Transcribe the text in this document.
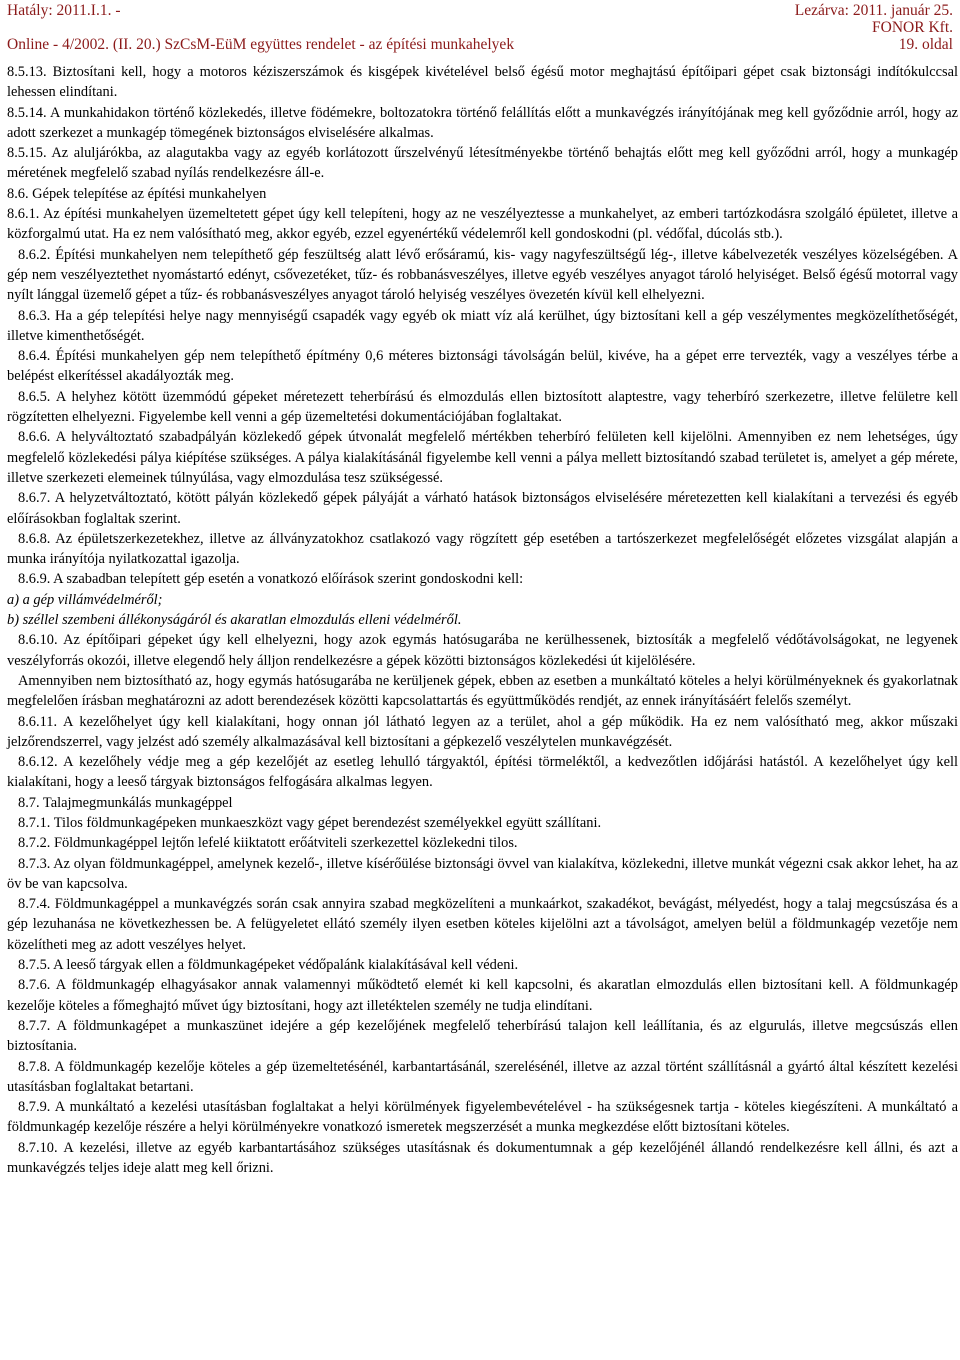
Hatály: 2011.I.1. -	Lezárva: 2011. január 25.
FONOR Kft.
Online - 4/2002. (II. 20.) SzCsM-EüM együttes rendelet - az építési munkahelyek	19. oldal

8.5.13. Biztosítani kell, hogy a motoros kéziszerszámok és kisgépek kivételével belső égésű motor meghajtású építőipari gépet csak biztonsági indítókulccsal lehessen elindítani.

8.5.14. A munkahidakon történő közlekedés, illetve födémekre, boltozatokra történő felállítás előtt a munkavégzés irányítójának meg kell győződnie arról, hogy az adott szerkezet a munkagép tömegének biztonságos elviselésére alkalmas.

8.5.15. Az aluljárókba, az alagutakba vagy az egyéb korlátozott űrszelvényű létesítményekbe történő behajtás előtt meg kell győződni arról, hogy a munkagép méretének megfelelő szabad nyílás rendelkezésre áll-e.

8.6. Gépek telepítése az építési munkahelyen

8.6.1. Az építési munkahelyen üzemeltetett gépet úgy kell telepíteni, hogy az ne veszélyeztesse a munkahelyet, az emberi tartózkodásra szolgáló épületet, illetve a közforgalmú utat. Ha ez nem valósítható meg, akkor egyéb, ezzel egyenértékű védelemről kell gondoskodni (pl. védőfal, dúcolás stb.).

8.6.2. Építési munkahelyen nem telepíthető gép feszültség alatt lévő erősáramú, kis- vagy nagyfeszültségű lég-, illetve kábelvezeték veszélyes közelségében. A gép nem veszélyeztethet nyomástartó edényt, csővezetéket, tűz- és robbanásveszélyes, illetve egyéb veszélyes anyagot tároló helyiséget. Belső égésű motorral vagy nyílt lánggal üzemelő gépet a tűz- és robbanásveszélyes anyagot tároló helyiség veszélyes övezetén kívül kell elhelyezni.

8.6.3. Ha a gép telepítési helye nagy mennyiségű csapadék vagy egyéb ok miatt víz alá kerülhet, úgy biztosítani kell a gép veszélymentes megközelíthetőségét, illetve kimenthetőségét.

8.6.4. Építési munkahelyen gép nem telepíthető építmény 0,6 méteres biztonsági távolságán belül, kivéve, ha a gépet erre tervezték, vagy a veszélyes térbe a belépést elkerítéssel akadályozták meg.

8.6.5. A helyhez kötött üzemmódú gépeket méretezett teherbírású és elmozdulás ellen biztosított alaptestre, vagy teherbíró szerkezetre, illetve felületre kell rögzítetten elhelyezni. Figyelembe kell venni a gép üzemeltetési dokumentációjában foglaltakat.

8.6.6. A helyváltoztató szabadpályán közlekedő gépek útvonalát megfelelő mértékben teherbíró felületen kell kijelölni. Amennyiben ez nem lehetséges, úgy megfelelő közlekedési pálya kiépítése szükséges. A pálya kialakításánál figyelembe kell venni a pálya mellett biztosítandó szabad területet is, amelyet a gép mérete, illetve szerkezeti elemeinek túlnyúlása, vagy elmozdulása tesz szükségessé.

8.6.7. A helyzetváltoztató, kötött pályán közlekedő gépek pályáját a várható hatások biztonságos elviselésére méretezetten kell kialakítani a tervezési és egyéb előírásokban foglaltak szerint.

8.6.8. Az épületszerkezetekhez, illetve az állványzatokhoz csatlakozó vagy rögzített gép esetében a tartószerkezet megfelelőségét előzetes vizsgálat alapján a munka irányítója nyilatkozattal igazolja.

8.6.9. A szabadban telepített gép esetén a vonatkozó előírások szerint gondoskodni kell:

a) a gép villámvédelméről;

b) széllel szembeni állékonyságáról és akaratlan elmozdulás elleni védelméről.

8.6.10. Az építőipari gépeket úgy kell elhelyezni, hogy azok egymás hatósugarába ne kerülhessenek, biztosíták a megfelelő védőtávolságokat, ne legyenek veszélyforrás okozói, illetve elegendő hely álljon rendelkezésre a gépek közötti biztonságos közlekedési út kijelölésére.

Amennyiben nem biztosítható az, hogy egymás hatósugarába ne kerüljenek gépek, ebben az esetben a munkáltató köteles a helyi körülményeknek és gyakorlatnak megfelelően írásban meghatározni az adott berendezések közötti kapcsolattartás és együttműködés rendjét, az ennek irányításáért felelős személyt.

8.6.11. A kezelőhelyet úgy kell kialakítani, hogy onnan jól látható legyen az a terület, ahol a gép működik. Ha ez nem valósítható meg, akkor műszaki jelzőrendszerrel, vagy jelzést adó személy alkalmazásával kell biztosítani a gépkezelő veszélytelen munkavégzését.

8.6.12. A kezelőhely védje meg a gép kezelőjét az esetleg lehulló tárgyaktól, építési törmeléktől, a kedvezőtlen időjárási hatástól. A kezelőhelyet úgy kell kialakítani, hogy a leeső tárgyak biztonságos felfogására alkalmas legyen.

8.7. Talajmegmunkálás munkagéppel

8.7.1. Tilos földmunkagépeken munkaeszközt vagy gépet berendezést személyekkel együtt szállítani.

8.7.2. Földmunkagéppel lejtőn lefelé kiiktatott erőátviteli szerkezettel közlekedni tilos.

8.7.3. Az olyan földmunkagéppel, amelynek kezelő-, illetve kísérőülése biztonsági övvel van kialakítva, közlekedni, illetve munkát végezni csak akkor lehet, ha az öv be van kapcsolva.

8.7.4. Földmunkagéppel a munkavégzés során csak annyira szabad megközelíteni a munkaárkot, szakadékot, bevágást, mélyedést, hogy a talaj megcsúszása és a gép lezuhanása ne következhessen be. A felügyeletet ellátó személy ilyen esetben köteles kijelölni azt a távolságot, amelyen belül a földmunkagép vezetője nem közelítheti meg az adott veszélyes helyet.

8.7.5. A leeső tárgyak ellen a földmunkagépeket védőpalánk kialakításával kell védeni.

8.7.6. A földmunkagép elhagyásakor annak valamennyi működtető elemét ki kell kapcsolni, és akaratlan elmozdulás ellen biztosítani kell. A földmunkagép kezelője köteles a főmeghajtó művet úgy biztosítani, hogy azt illetéktelen személy ne tudja elindítani.

8.7.7. A földmunkagépet a munkaszünet idejére a gép kezelőjének megfelelő teherbírású talajon kell leállítania, és az elgurulás, illetve megcsúszás ellen biztosítania.

8.7.8. A földmunkagép kezelője köteles a gép üzemeltetésénél, karbantartásánál, szerelésénél, illetve az azzal történt szállításnál a gyártó által készített kezelési utasításban foglaltakat betartani.

8.7.9. A munkáltató a kezelési utasításban foglaltakat a helyi körülmények figyelembevételével - ha szükségesnek tartja - köteles kiegészíteni. A munkáltató a földmunkagép kezelője részére a helyi körülményekre vonatkozó ismeretek megszerzését a munka megkezdése előtt biztosítani köteles.

8.7.10. A kezelési, illetve az egyéb karbantartásához szükséges utasításnak és dokumentumnak a gép kezelőjénél állandó rendelkezésre kell állni, és azt a munkavégzés teljes ideje alatt meg kell őrizni.
